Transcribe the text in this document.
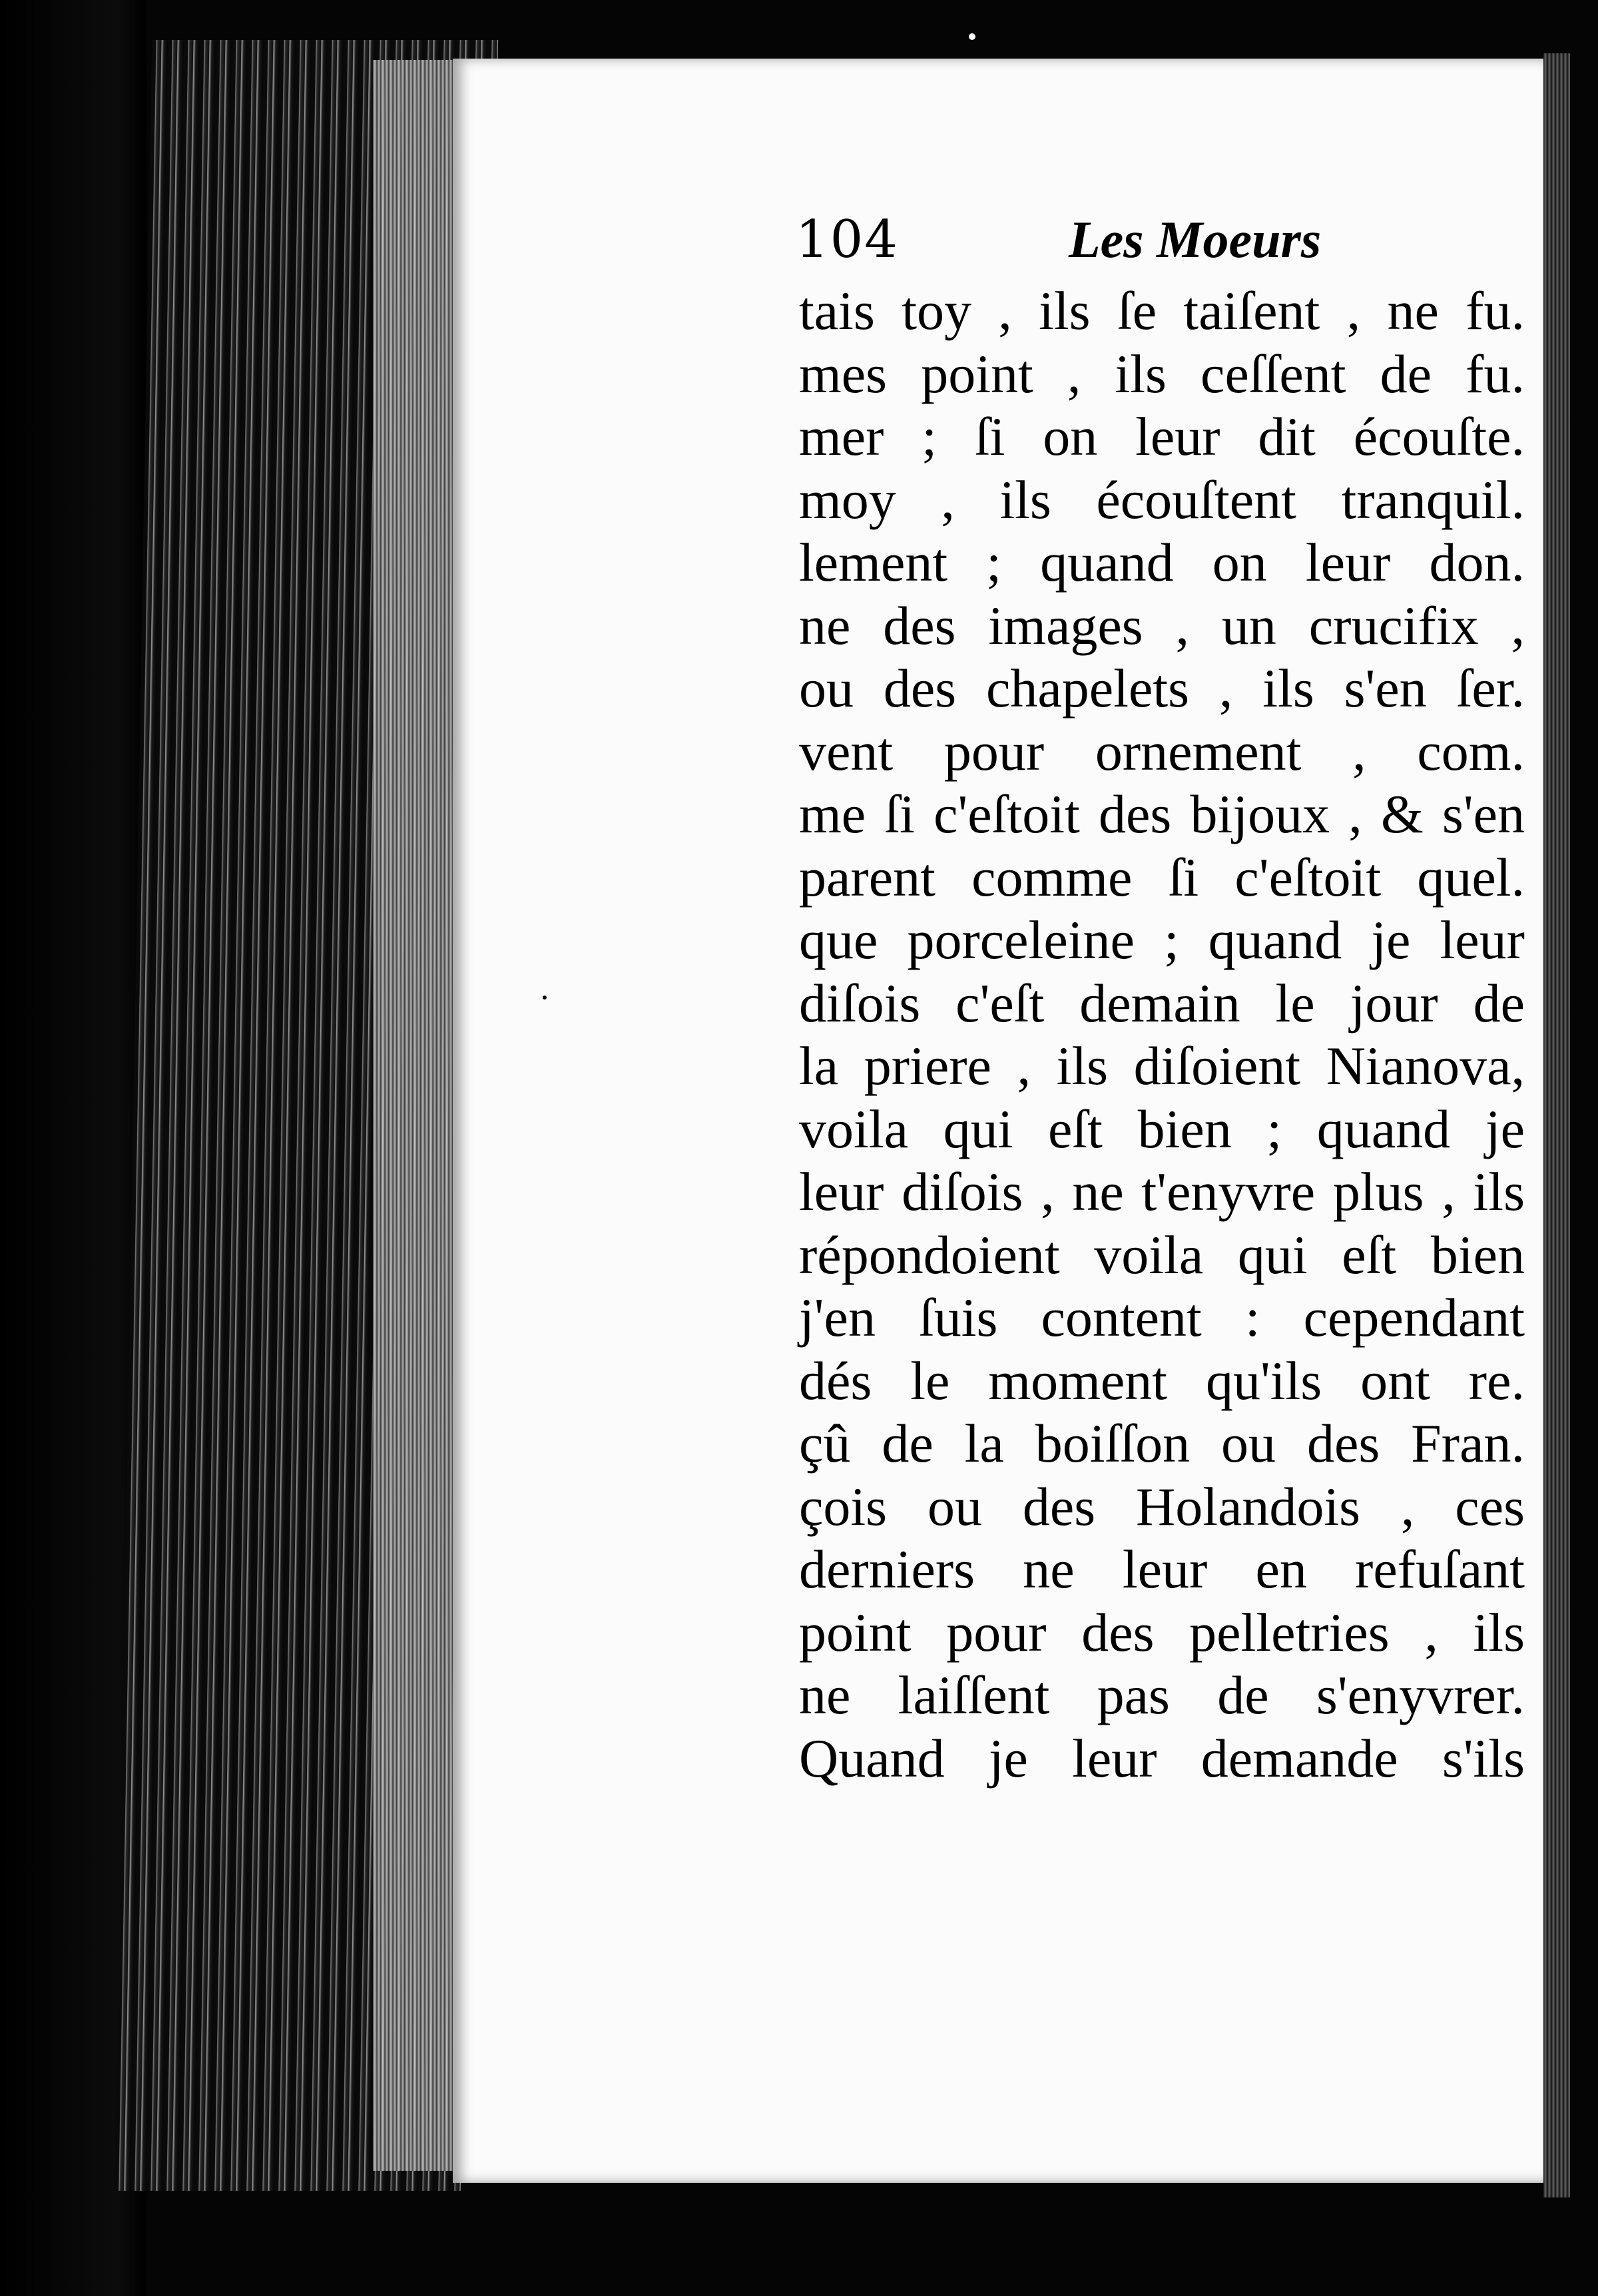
104	Les Moeurs
tais toy , ils ſe taiſent , ne fu.
mes point , ils ceſſent de fu.
mer ; ſi on leur dit écouſte.
moy , ils écouſtent tranquil.
lement ; quand on leur don.
ne des images , un crucifix ,
ou des chapelets , ils s'en ſer.
vent pour ornement , com.
me ſi c'eſtoit des bijoux , & s'en
parent comme ſi c'eſtoit quel.
que porceleine ; quand je leur
diſois c'eſt demain le jour de
la priere , ils diſoient Nianova,
voila qui eſt bien ; quand je
leur diſois , ne t'enyvre plus , ils
répondoient voila qui eſt bien
j'en ſuis content : cependant
dés le moment qu'ils ont re.
çû de la boiſſon ou des Fran.
çois ou des Holandois , ces
derniers ne leur en refuſant
point pour des pelletries , ils
ne laiſſent pas de s'enyvrer.
Quand je leur demande s'ils
